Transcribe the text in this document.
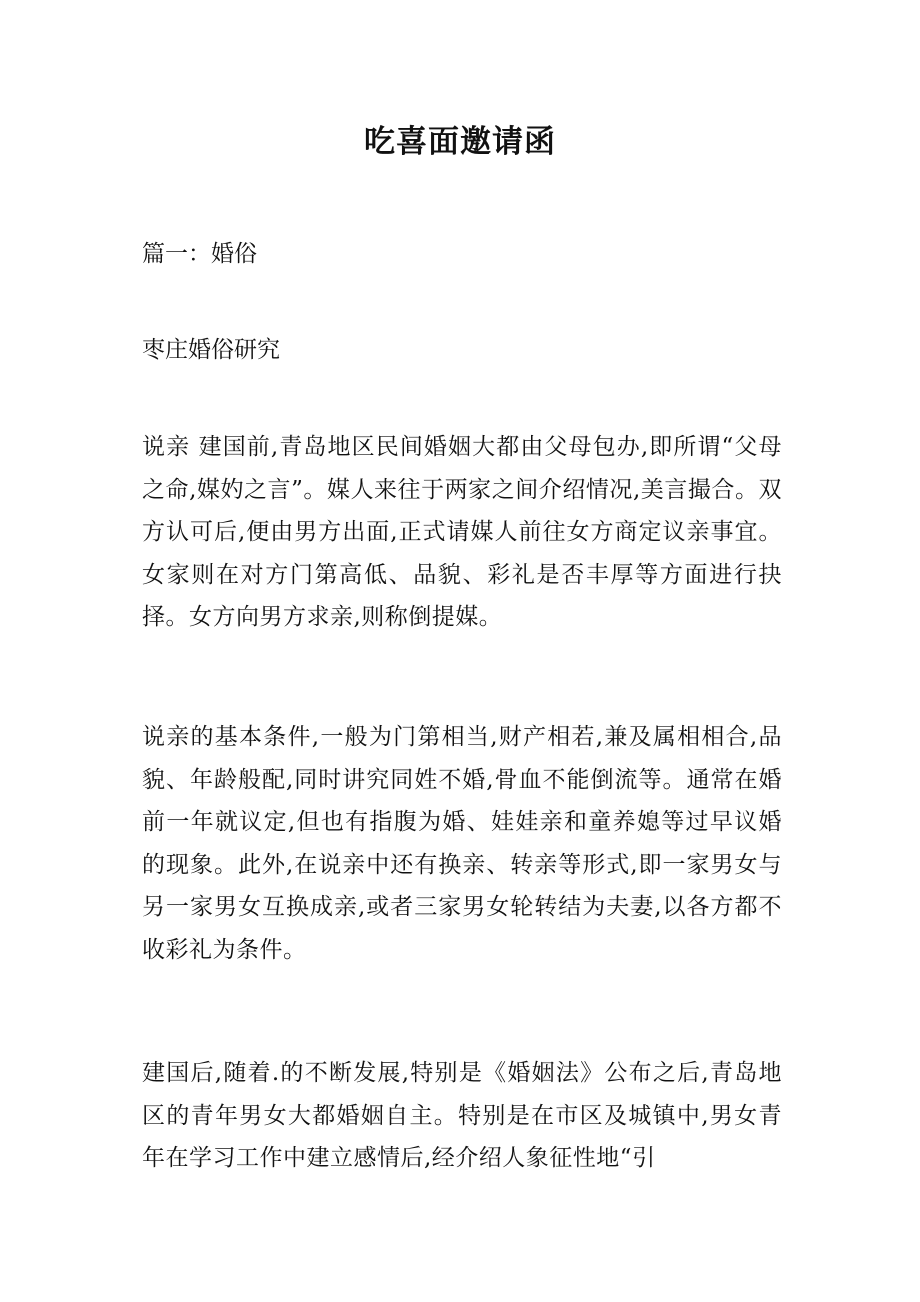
吃喜面邀请函

篇一：婚俗

枣庄婚俗研究

说亲 建国前,青岛地区民间婚姻大都由父母包办,即所谓“父母之命,媒妁之言”。媒人来往于两家之间介绍情况,美言撮合。双方认可后,便由男方出面,正式请媒人前往女方商定议亲事宜。女家则在对方门第高低、品貌、彩礼是否丰厚等方面进行抉择。女方向男方求亲,则称倒提媒。

说亲的基本条件,一般为门第相当,财产相若,兼及属相相合,品貌、年龄般配,同时讲究同姓不婚,骨血不能倒流等。通常在婚前一年就议定,但也有指腹为婚、娃娃亲和童养媳等过早议婚的现象。此外,在说亲中还有换亲、转亲等形式,即一家男女与另一家男女互换成亲,或者三家男女轮转结为夫妻,以各方都不收彩礼为条件。

建国后,随着.的不断发展,特别是《婚姻法》公布之后,青岛地区的青年男女大都婚姻自主。特别是在市区及城镇中,男女青年在学习工作中建立感情后,经介绍人象征性地“引
